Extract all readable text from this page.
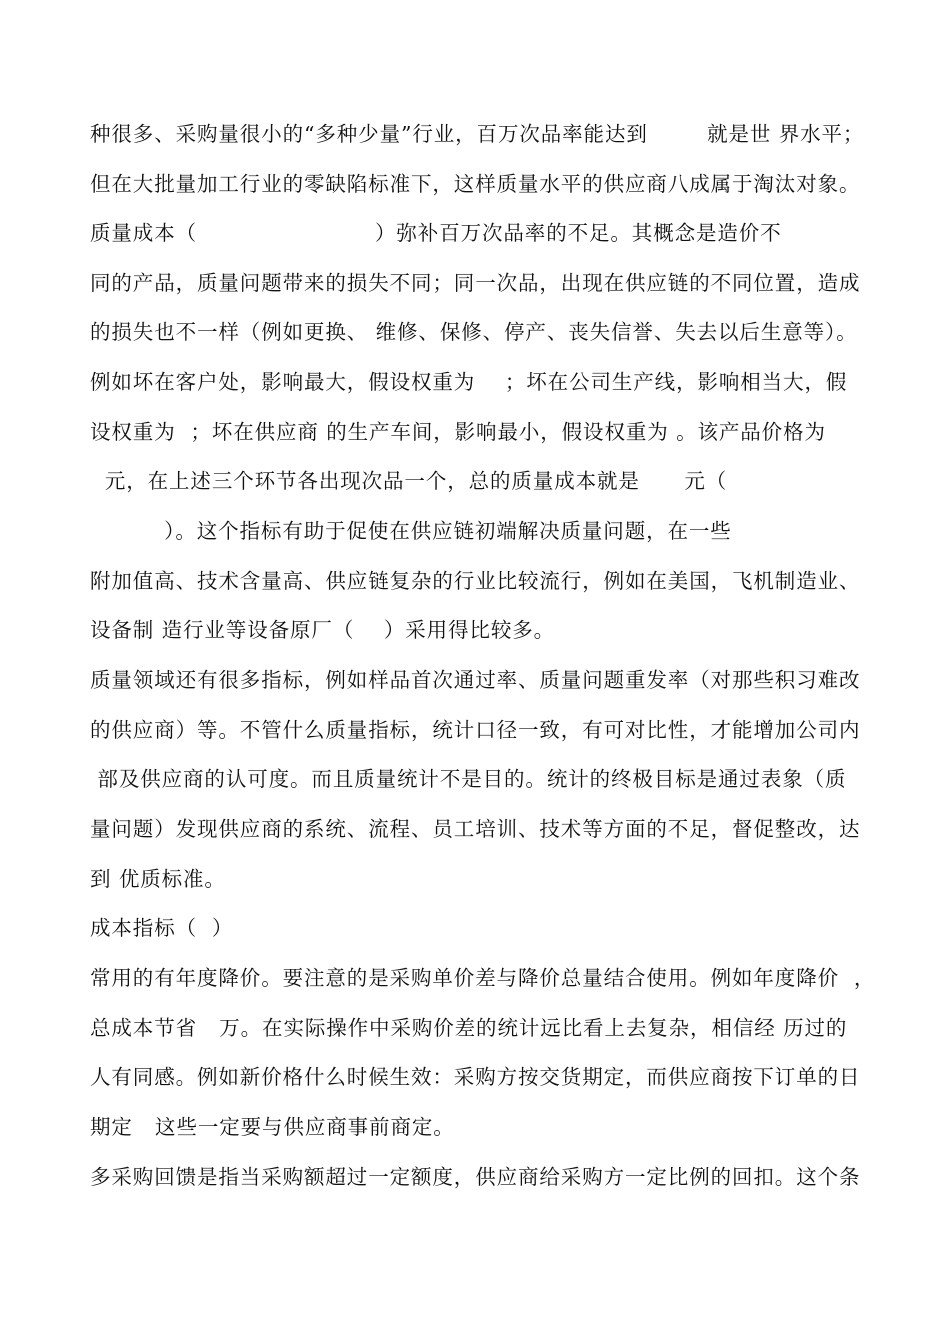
种很多、采购量很小的“多种少量”行业，百万次品率能达到        就是世 界水平；
但在大批量加工行业的零缺陷标准下，这样质量水平的供应商八成属于淘汰对象。
质量成本（                        ）弥补百万次品率的不足。其概念是造价不
同的产品，质量问题带来的损失不同；同一次品，出现在供应链的不同位置，造成
的损失也不一样（例如更换、 维修、保修、停产、丧失信誉、失去以后生意等）。
例如坏在客户处，影响最大，假设权重为    ；坏在公司生产线，影响相当大，假
设权重为  ；坏在供应商 的生产车间，影响最小，假设权重为 。该产品价格为
元，在上述三个环节各出现次品一个，总的质量成本就是      元（
）。这个指标有助于促使在供应链初端解决质量问题，在一些
附加值高、技术含量高、供应链复杂的行业比较流行，例如在美国，飞机制造业、
设备制 造行业等设备原厂（    ）采用得比较多。
质量领域还有很多指标，例如样品首次通过率、质量问题重发率（对那些积习难改
的供应商）等。不管什么质量指标，统计口径一致，有可对比性，才能增加公司内
部及供应商的认可度。而且质量统计不是目的。统计的终极目标是通过表象（质
量问题）发现供应商的系统、流程、员工培训、技术等方面的不足，督促整改，达
到 优质标准。
成本指标（  ）
常用的有年度降价。要注意的是采购单价差与降价总量结合使用。例如年度降价  ，
总成本节省   万。在实际操作中采购价差的统计远比看上去复杂，相信经 历过的
人有同感。例如新价格什么时候生效：采购方按交货期定，而供应商按下订单的日
期定   这些一定要与供应商事前商定。
多采购回馈是指当采购额超过一定额度，供应商给采购方一定比例的回扣。这个条
